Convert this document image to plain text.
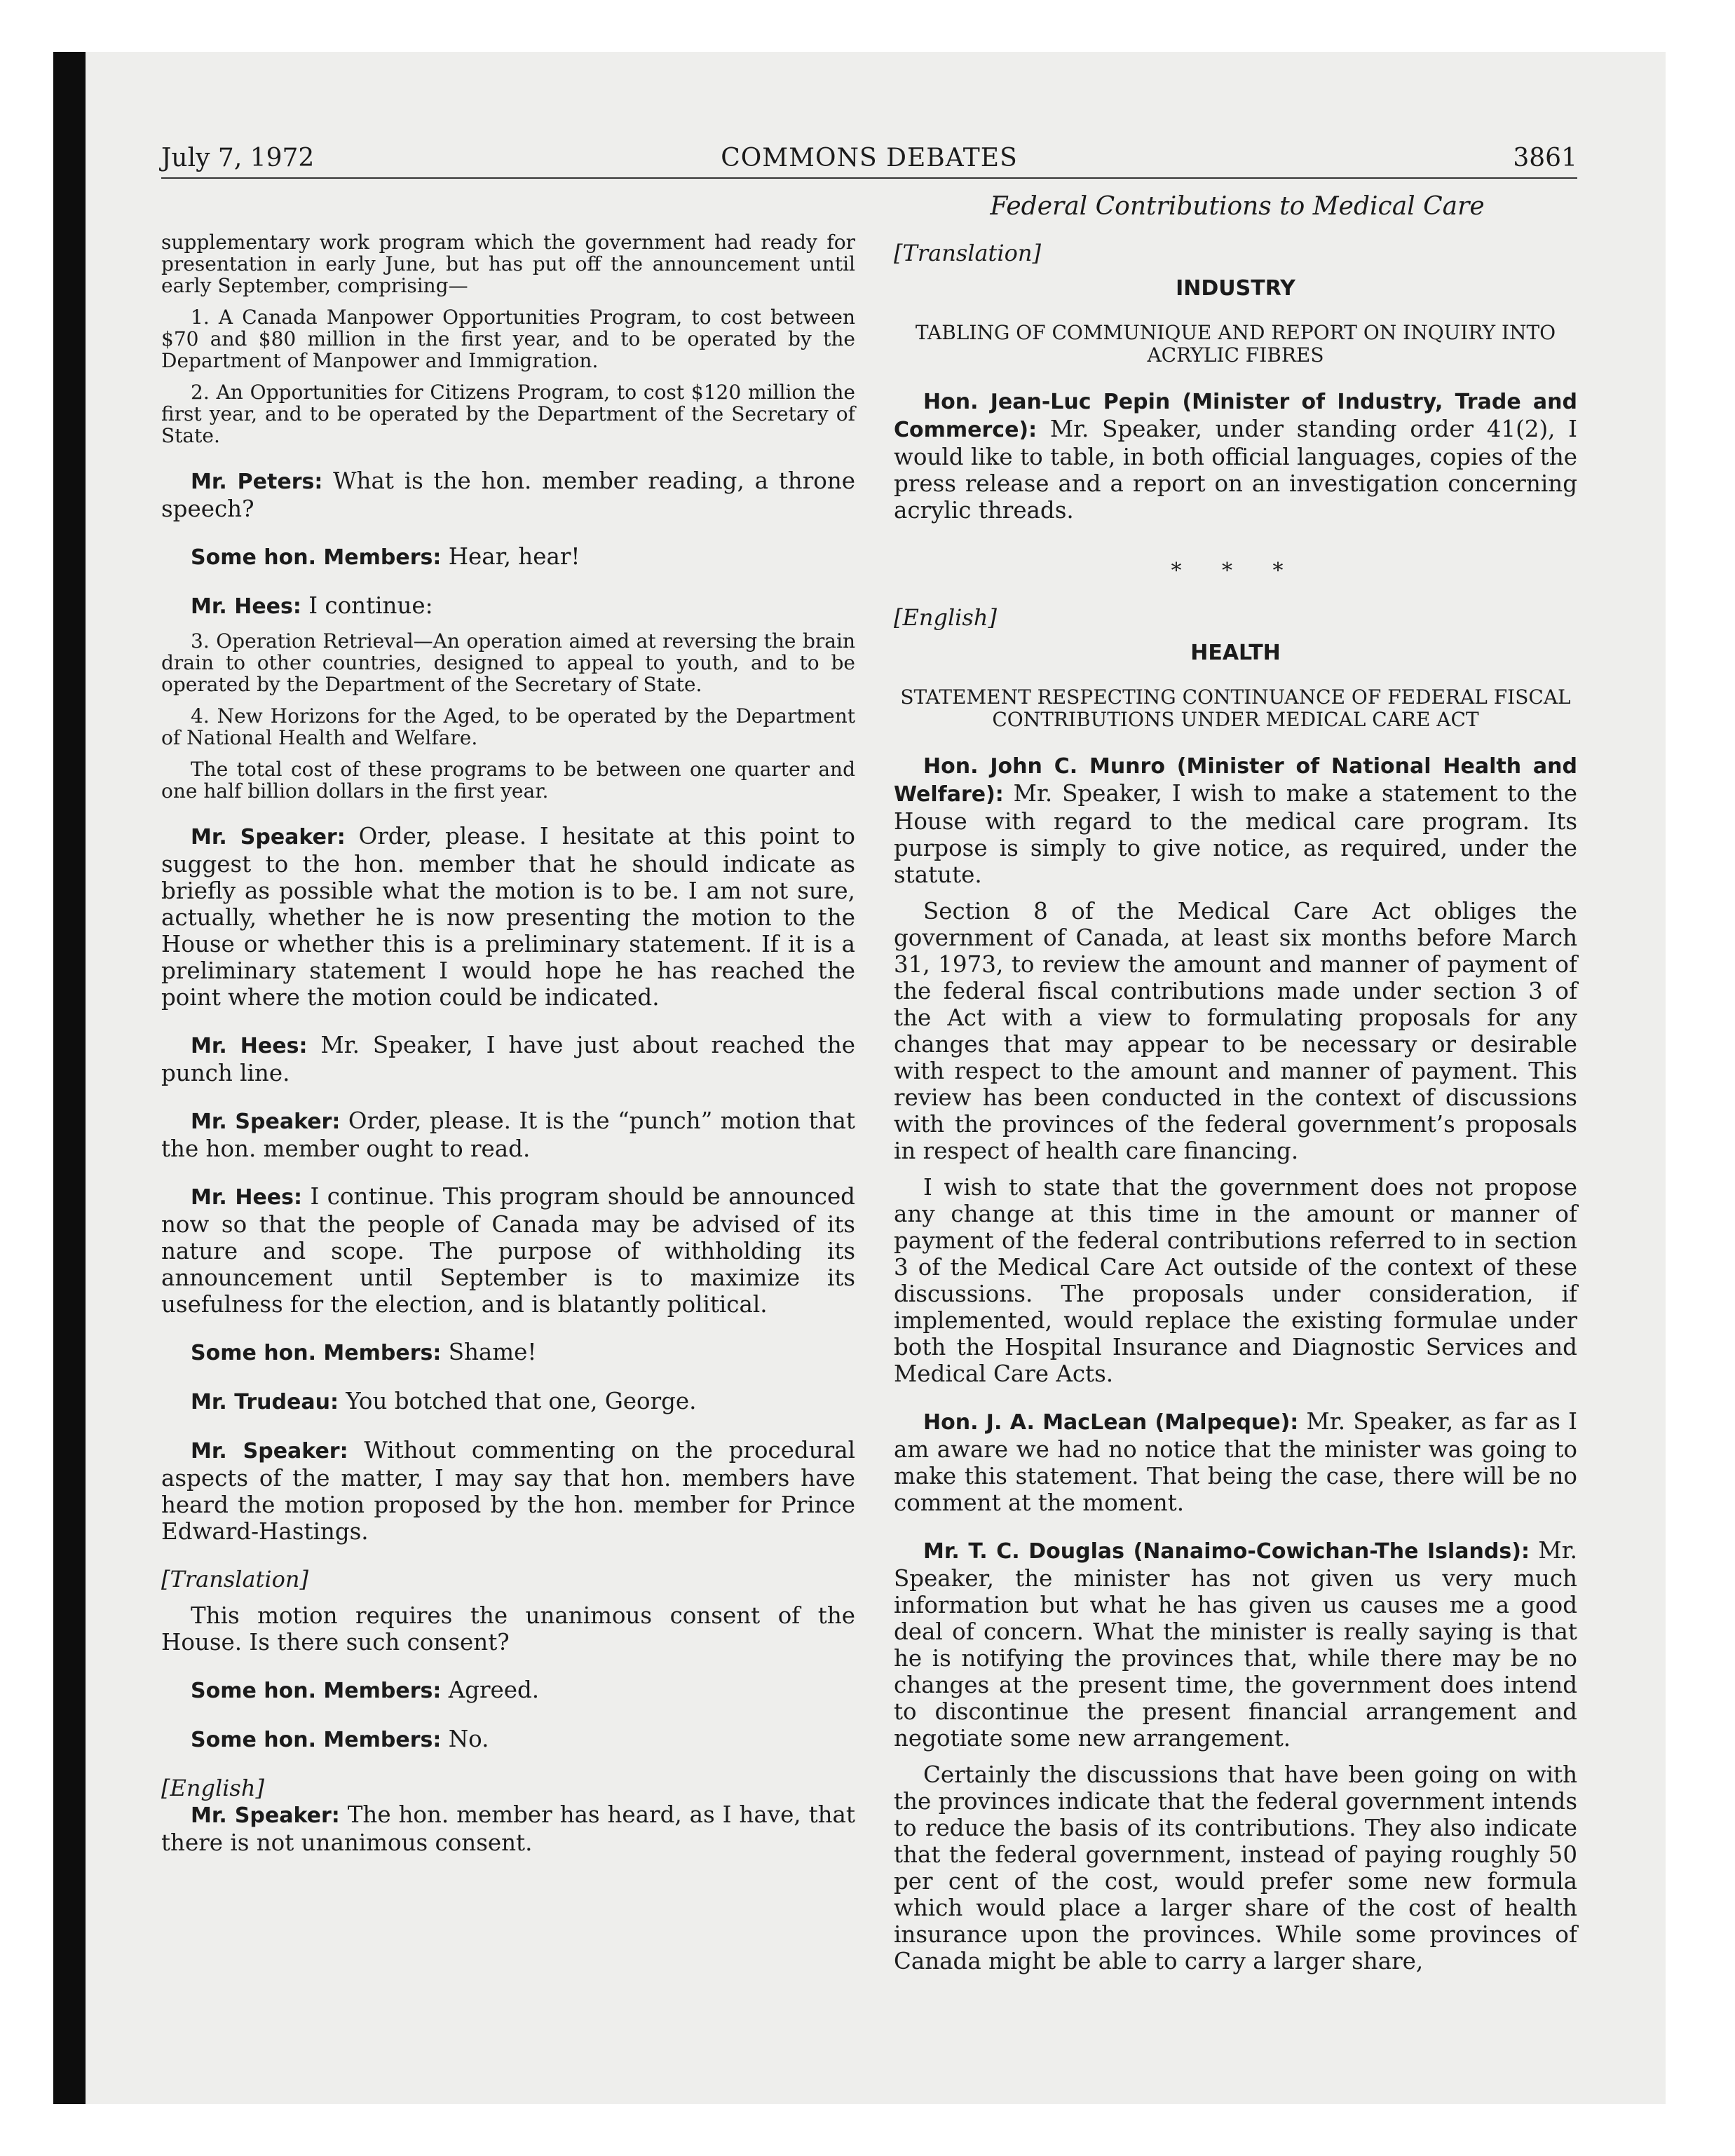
July 7, 1972	COMMONS DEBATES	3861
Federal Contributions to Medical Care

supplementary work program which the government had ready for presentation in early June, but has put off the announcement until early September, comprising—

1. A Canada Manpower Opportunities Program, to cost between $70 and $80 million in the first year, and to be operated by the Department of Manpower and Immigration.

2. An Opportunities for Citizens Program, to cost $120 million the first year, and to be operated by the Department of the Secretary of State.

Mr. Peters: What is the hon. member reading, a throne speech?

Some hon. Members: Hear, hear!

Mr. Hees: I continue:

3. Operation Retrieval—An operation aimed at reversing the brain drain to other countries, designed to appeal to youth, and to be operated by the Department of the Secretary of State.

4. New Horizons for the Aged, to be operated by the Department of National Health and Welfare.

The total cost of these programs to be between one quarter and one half billion dollars in the first year.

Mr. Speaker: Order, please. I hesitate at this point to suggest to the hon. member that he should indicate as briefly as possible what the motion is to be. I am not sure, actually, whether he is now presenting the motion to the House or whether this is a preliminary statement. If it is a preliminary statement I would hope he has reached the point where the motion could be indicated.

Mr. Hees: Mr. Speaker, I have just about reached the punch line.

Mr. Speaker: Order, please. It is the “punch” motion that the hon. member ought to read.

Mr. Hees: I continue. This program should be announced now so that the people of Canada may be advised of its nature and scope. The purpose of withholding its announcement until September is to maximize its usefulness for the election, and is blatantly political.

Some hon. Members: Shame!

Mr. Trudeau: You botched that one, George.

Mr. Speaker: Without commenting on the procedural aspects of the matter, I may say that hon. members have heard the motion proposed by the hon. member for Prince Edward-Hastings.

[Translation]

This motion requires the unanimous consent of the House. Is there such consent?

Some hon. Members: Agreed.

Some hon. Members: No.

[English]

Mr. Speaker: The hon. member has heard, as I have, that there is not unanimous consent.

[Translation]

INDUSTRY

TABLING OF COMMUNIQUE AND REPORT ON INQUIRY INTO ACRYLIC FIBRES

Hon. Jean-Luc Pepin (Minister of Industry, Trade and Commerce): Mr. Speaker, under standing order 41(2), I would like to table, in both official languages, copies of the press release and a report on an investigation concerning acrylic threads.

* * *

[English]

HEALTH

STATEMENT RESPECTING CONTINUANCE OF FEDERAL FISCAL CONTRIBUTIONS UNDER MEDICAL CARE ACT

Hon. John C. Munro (Minister of National Health and Welfare): Mr. Speaker, I wish to make a statement to the House with regard to the medical care program. Its purpose is simply to give notice, as required, under the statute.

Section 8 of the Medical Care Act obliges the government of Canada, at least six months before March 31, 1973, to review the amount and manner of payment of the federal fiscal contributions made under section 3 of the Act with a view to formulating proposals for any changes that may appear to be necessary or desirable with respect to the amount and manner of payment. This review has been conducted in the context of discussions with the provinces of the federal government’s proposals in respect of health care financing.

I wish to state that the government does not propose any change at this time in the amount or manner of payment of the federal contributions referred to in section 3 of the Medical Care Act outside of the context of these discussions. The proposals under consideration, if implemented, would replace the existing formulae under both the Hospital Insurance and Diagnostic Services and Medical Care Acts.

Hon. J. A. MacLean (Malpeque): Mr. Speaker, as far as I am aware we had no notice that the minister was going to make this statement. That being the case, there will be no comment at the moment.

Mr. T. C. Douglas (Nanaimo-Cowichan-The Islands): Mr. Speaker, the minister has not given us very much information but what he has given us causes me a good deal of concern. What the minister is really saying is that he is notifying the provinces that, while there may be no changes at the present time, the government does intend to discontinue the present financial arrangement and negotiate some new arrangement.

Certainly the discussions that have been going on with the provinces indicate that the federal government intends to reduce the basis of its contributions. They also indicate that the federal government, instead of paying roughly 50 per cent of the cost, would prefer some new formula which would place a larger share of the cost of health insurance upon the provinces. While some provinces of Canada might be able to carry a larger share,
